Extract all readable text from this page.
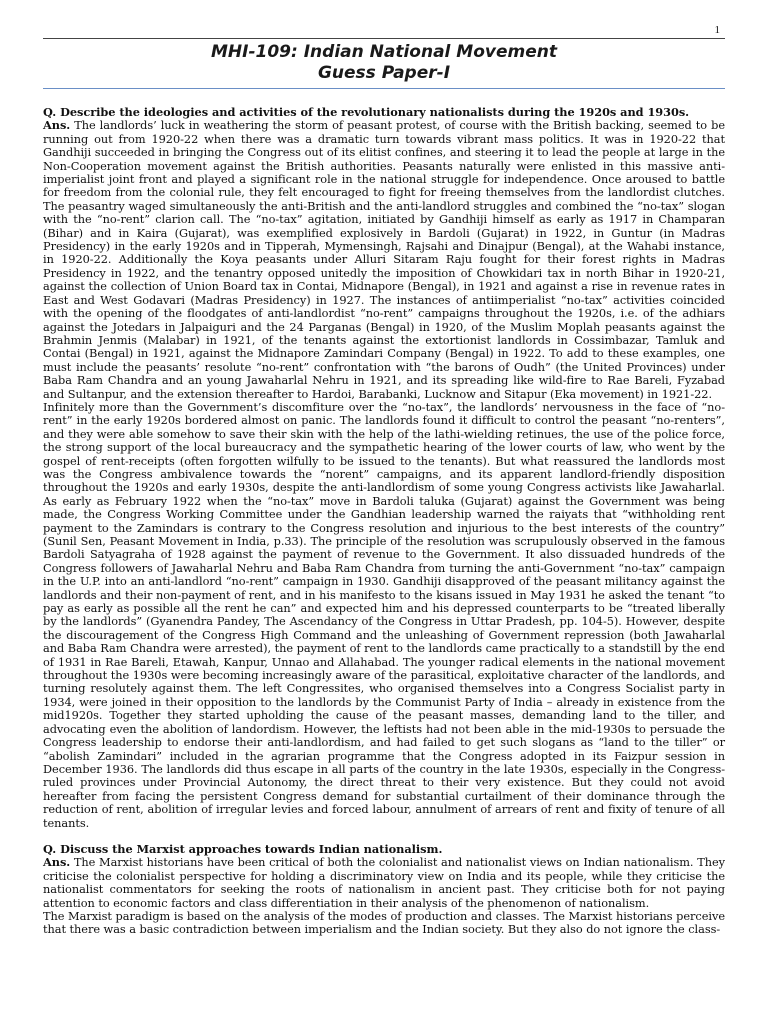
1
MHI-109: Indian National Movement
Guess Paper-I

Q. Describe the ideologies and activities of the revolutionary nationalists during the 1920s and 1930s.

Ans. The landlords’ luck in weathering the storm of peasant protest, of course with the British backing, seemed to be running out from 1920-22 when there was a dramatic turn towards vibrant mass politics. It was in 1920-22 that Gandhiji succeeded in bringing the Congress out of its elitist confines, and steering it to lead the people at large in the Non-Cooperation movement against the British authorities. Peasants naturally were enlisted in this massive anti-imperialist joint front and played a significant role in the national struggle for independence. Once aroused to battle for freedom from the colonial rule, they felt encouraged to fight for freeing themselves from the landlordist clutches. The peasantry waged simultaneously the anti-British and the anti-landlord struggles and combined the “no-tax” slogan with the “no-rent” clarion call. The “no-tax” agitation, initiated by Gandhiji himself as early as 1917 in Champaran (Bihar) and in Kaira (Gujarat), was exemplified explosively in Bardoli (Gujarat) in 1922, in Guntur (in Madras Presidency) in the early 1920s and in Tipperah, Mymensingh, Rajsahi and Dinajpur (Bengal), at the Wahabi instance, in 1920-22. Additionally the Koya peasants under Alluri Sitaram Raju fought for their forest rights in Madras Presidency in 1922, and the tenantry opposed unitedly the imposition of Chowkidari tax in north Bihar in 1920-21, against the collection of Union Board tax in Contai, Midnapore (Bengal), in 1921 and against a rise in revenue rates in East and West Godavari (Madras Presidency) in 1927. The instances of antiimperialist “no-tax” activities coincided with the opening of the floodgates of anti-landlordist “no-rent” campaigns throughout the 1920s, i.e. of the adhiars against the Jotedars in Jalpaiguri and the 24 Parganas (Bengal) in 1920, of the Muslim Moplah peasants against the Brahmin Jenmis (Malabar) in 1921, of the tenants against the extortionist landlords in Cossimbazar, Tamluk and Contai (Bengal) in 1921, against the Midnapore Zamindari Company (Bengal) in 1922. To add to these examples, one must include the peasants’ resolute “no-rent” confrontation with “the barons of Oudh” (the United Provinces) under Baba Ram Chandra and an young Jawaharlal Nehru in 1921, and its spreading like wild-fire to Rae Bareli, Fyzabad and Sultanpur, and the extension thereafter to Hardoi, Barabanki, Lucknow and Sitapur (Eka movement) in 1921-22.

Infinitely more than the Government’s discomfiture over the “no-tax”, the landlords’ nervousness in the face of “no-rent” in the early 1920s bordered almost on panic. The landlords found it difficult to control the peasant “no-renters”, and they were able somehow to save their skin with the help of the lathi-wielding retinues, the use of the police force, the strong support of the local bureaucracy and the sympathetic hearing of the lower courts of law, who went by the gospel of rent-receipts (often forgotten wilfully to be issued to the tenants). But what reassured the landlords most was the Congress ambivalence towards the “norent” campaigns, and its apparent landlord-friendly disposition throughout the 1920s and early 1930s, despite the anti-landlordism of some young Congress activists like Jawaharlal. As early as February 1922 when the “no-tax” move in Bardoli taluka (Gujarat) against the Government was being made, the Congress Working Committee under the Gandhian leadership warned the raiyats that “withholding rent payment to the Zamindars is contrary to the Congress resolution and injurious to the best interests of the country” (Sunil Sen, Peasant Movement in India, p.33). The principle of the resolution was scrupulously observed in the famous Bardoli Satyagraha of 1928 against the payment of revenue to the Government. It also dissuaded hundreds of the Congress followers of Jawaharlal Nehru and Baba Ram Chandra from turning the anti-Government “no-tax” campaign in the U.P. into an anti-landlord “no-rent” campaign in 1930. Gandhiji disapproved of the peasant militancy against the landlords and their non-payment of rent, and in his manifesto to the kisans issued in May 1931 he asked the tenant “to pay as early as possible all the rent he can” and expected him and his depressed counterparts to be “treated liberally by the landlords” (Gyanendra Pandey, The Ascendancy of the Congress in Uttar Pradesh, pp. 104-5). However, despite the discouragement of the Congress High Command and the unleashing of Government repression (both Jawaharlal and Baba Ram Chandra were arrested), the payment of rent to the landlords came practically to a standstill by the end of 1931 in Rae Bareli, Etawah, Kanpur, Unnao and Allahabad. The younger radical elements in the national movement throughout the 1930s were becoming increasingly aware of the parasitical, exploitative character of the landlords, and turning resolutely against them. The left Congressites, who organised themselves into a Congress Socialist party in 1934, were joined in their opposition to the landlords by the Communist Party of India – already in existence from the mid1920s. Together they started upholding the cause of the peasant masses, demanding land to the tiller, and advocating even the abolition of landordism. However, the leftists had not been able in the mid-1930s to persuade the Congress leadership to endorse their anti-landlordism, and had failed to get such slogans as “land to the tiller” or “abolish Zamindari” included in the agrarian programme that the Congress adopted in its Faizpur session in December 1936. The landlords did thus escape in all parts of the country in the late 1930s, especially in the Congress-ruled provinces under Provincial Autonomy, the direct threat to their very existence. But they could not avoid hereafter from facing the persistent Congress demand for substantial curtailment of their dominance through the reduction of rent, abolition of irregular levies and forced labour, annulment of arrears of rent and fixity of tenure of all tenants.

Q. Discuss the Marxist approaches towards Indian nationalism.

Ans. The Marxist historians have been critical of both the colonialist and nationalist views on Indian nationalism. They criticise the colonialist perspective for holding a discriminatory view on India and its people, while they criticise the nationalist commentators for seeking the roots of nationalism in ancient past. They criticise both for not paying attention to economic factors and class differentiation in their analysis of the phenomenon of nationalism.

The Marxist paradigm is based on the analysis of the modes of production and classes. The Marxist historians perceive that there was a basic contradiction between imperialism and the Indian society. But they also do not ignore the class-
